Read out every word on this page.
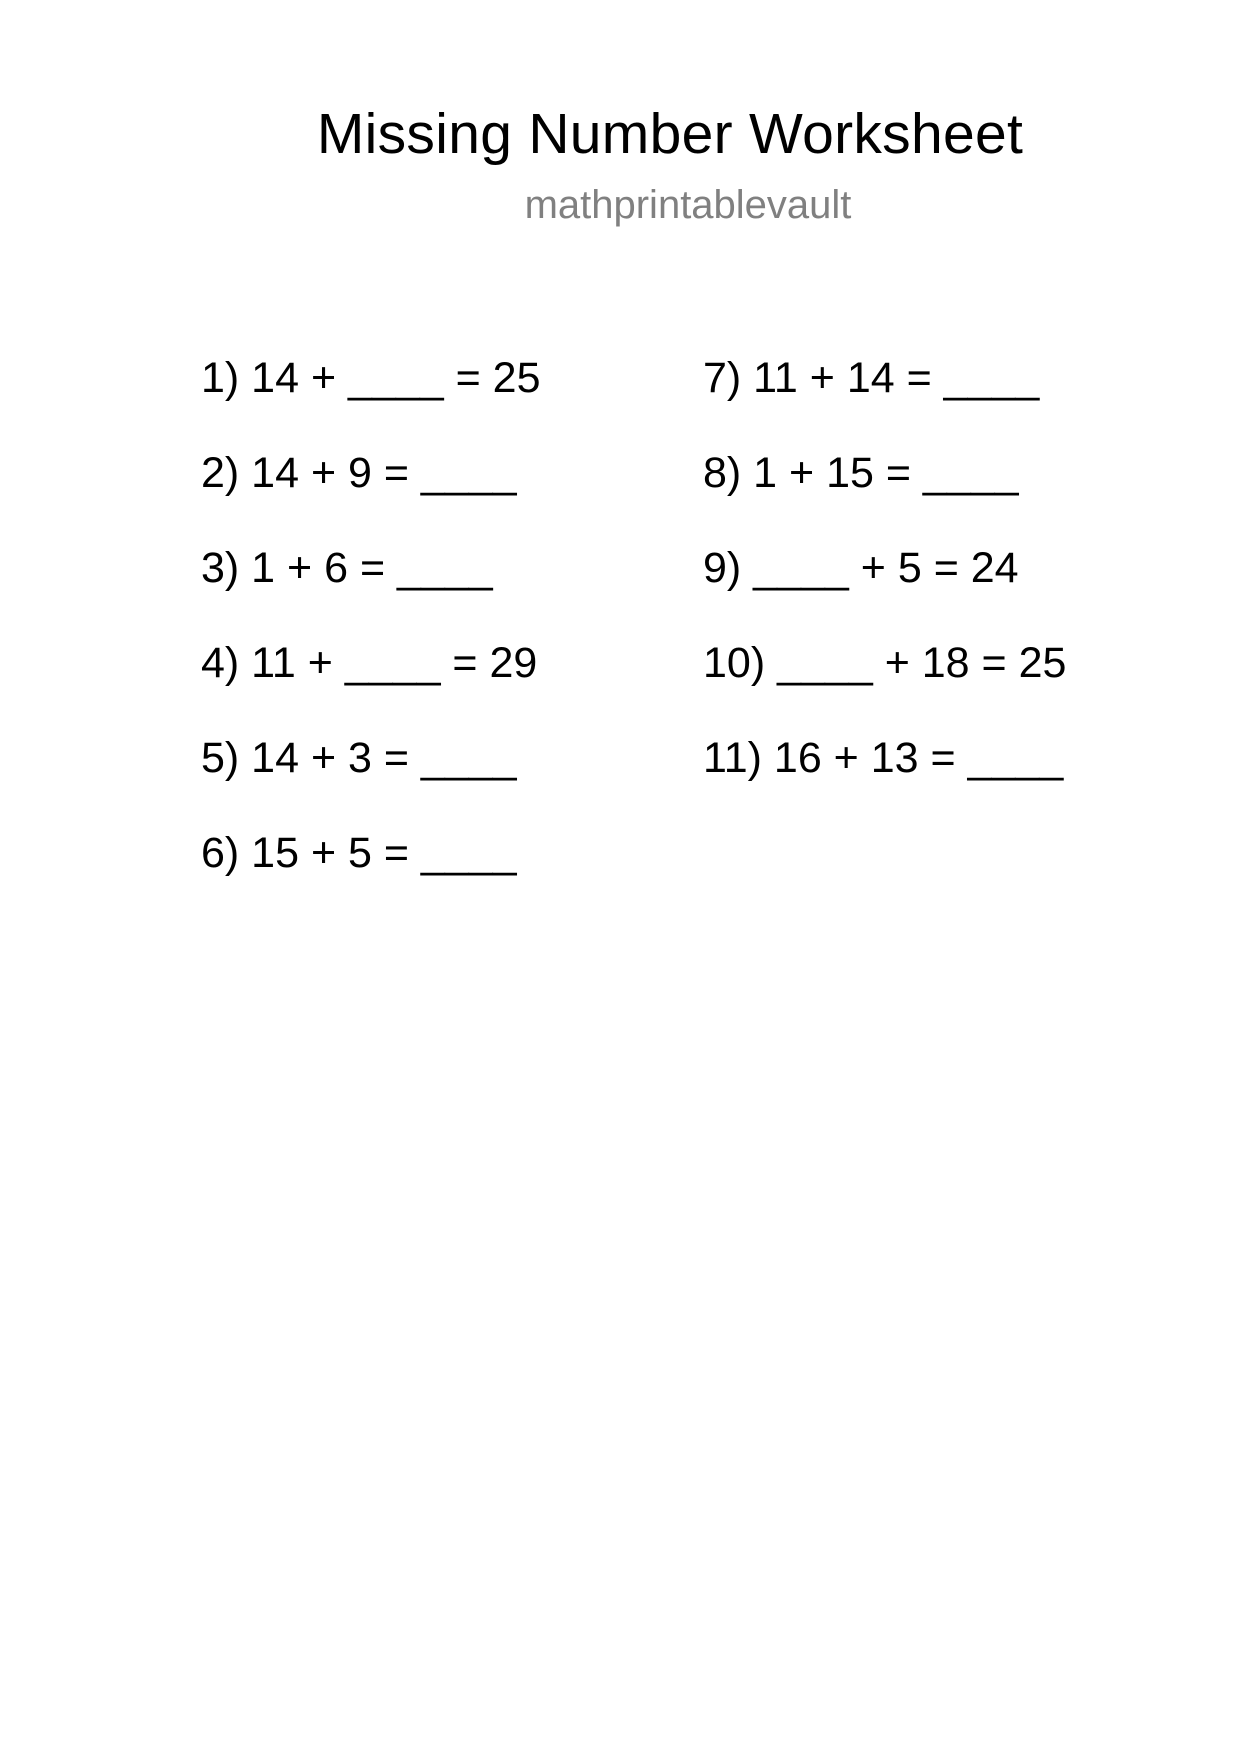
Missing Number Worksheet
mathprintablevault
1) 14 + ____ = 25
2) 14 + 9 = ____
3) 1 + 6 = ____
4) 11 + ____ = 29
5) 14 + 3 = ____
6) 15 + 5 = ____
7) 11 + 14 = ____
8) 1 + 15 = ____
9) ____ + 5 = 24
10) ____ + 18 = 25
11) 16 + 13 = ____
